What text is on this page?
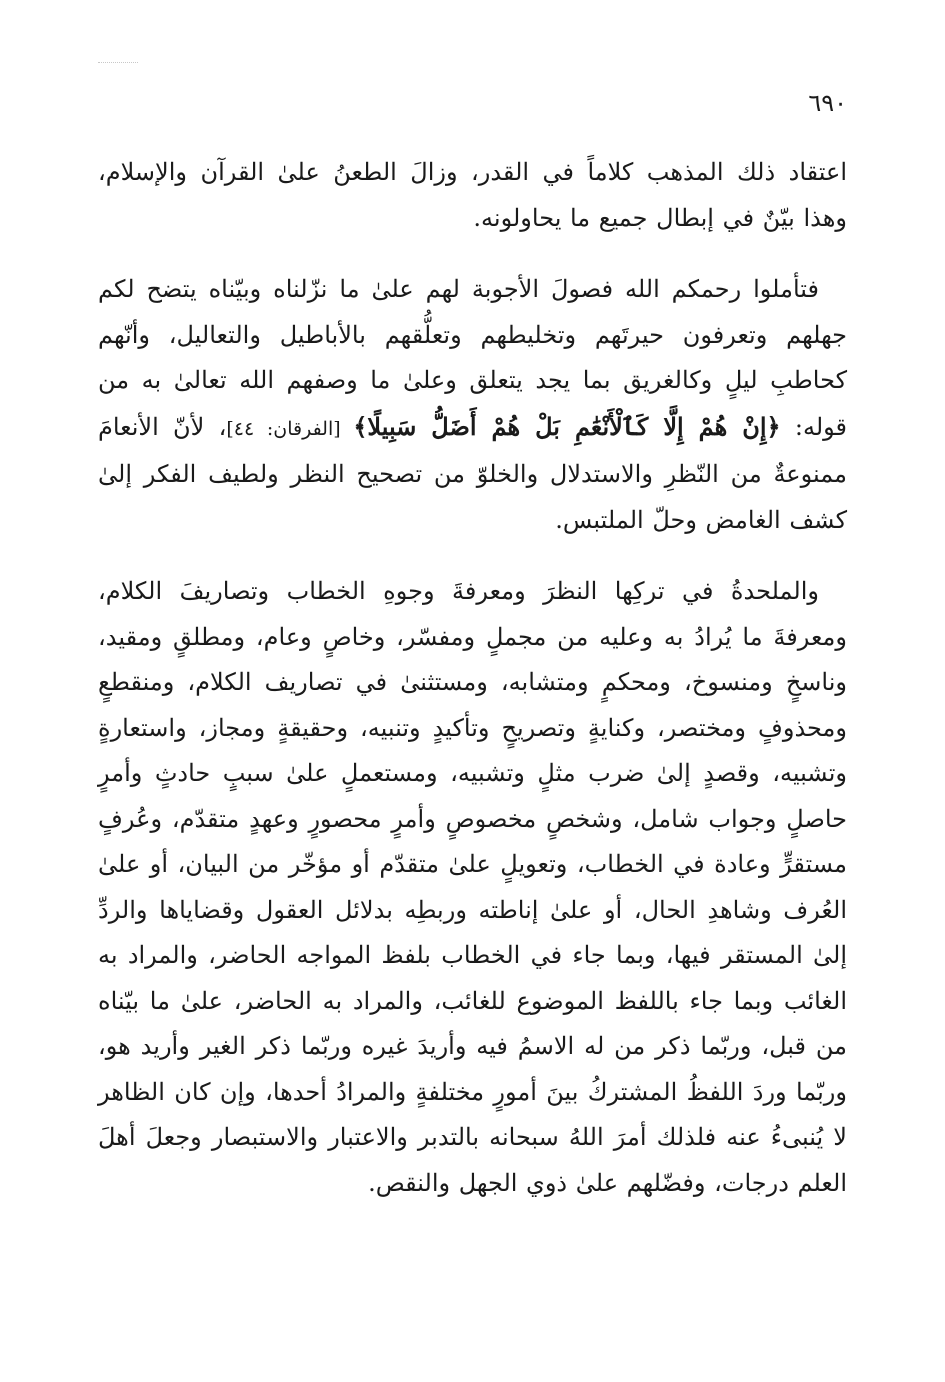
٦٩٠

اعتقاد ذلك المذهب كلاماً في القدر، وزالَ الطعنُ علىٰ القرآن والإسلام، وهذا بيّنٌ في إبطال جميع ما يحاولونه.

فتأملوا رحمكم الله فصولَ الأجوبة لهم علىٰ ما نزّلناه وبيّناه يتضح لكم جهلهم وتعرفون حيرتَهم وتخليطهم وتعلُّقهم بالأباطيل والتعاليل، وأنّهم كحاطبِ ليلٍ وكالغريق بما يجد يتعلق وعلىٰ ما وصفهم الله تعالىٰ به من قوله: ﴿إِنْ هُمْ إِلَّا كَٱلْأَنْعَٰمِ بَلْ هُمْ أَضَلُّ سَبِيلًا﴾ [الفرقان: ٤٤]، لأنّ الأنعامَ ممنوعةٌ من النّظرِ والاستدلال والخلوّ من تصحيح النظر ولطيف الفكر إلىٰ كشف الغامض وحلّ الملتبس.

والملحدةُ في تركِها النظرَ ومعرفةَ وجوهِ الخطاب وتصاريفَ الكلام، ومعرفةَ ما يُرادُ به وعليه من مجملٍ ومفسّر، وخاصٍ وعام، ومطلقٍ ومقيد، وناسخٍ ومنسوخ، ومحكمٍ ومتشابه، ومستثنىٰ في تصاريف الكلام، ومنقطعٍ ومحذوفٍ ومختصر، وكنايةٍ وتصريحٍ وتأكيدٍ وتنبيه، وحقيقةٍ ومجاز، واستعارةٍ وتشبيه، وقصدٍ إلىٰ ضرب مثلٍ وتشبيه، ومستعملٍ علىٰ سببٍ حادثٍ وأمرٍ حاصلٍ وجواب شامل، وشخصٍ مخصوصٍ وأمرٍ محصورٍ وعهدٍ متقدّم، وعُرفٍ مستقرٍّ وعادة في الخطاب، وتعويلٍ علىٰ متقدّم أو مؤخّر من البيان، أو علىٰ العُرف وشاهدِ الحال، أو علىٰ إناطته وربطِه بدلائل العقول وقضاياها والردِّ إلىٰ المستقر فيها، وبما جاء في الخطاب بلفظ المواجه الحاضر، والمراد به الغائب وبما جاء باللفظ الموضوع للغائب، والمراد به الحاضر، علىٰ ما بيّناه من قبل، وربّما ذكر من له الاسمُ فيه وأريدَ غيره وربّما ذكر الغير وأريد هو، وربّما وردَ اللفظُ المشتركُ بينَ أمورٍ مختلفةٍ والمرادُ أحدها، وإن كان الظاهر لا يُنبىءُ عنه فلذلك أمرَ اللهُ سبحانه بالتدبر والاعتبار والاستبصار وجعلَ أهلَ العلم درجات، وفضّلهم علىٰ ذوي الجهل والنقص.
